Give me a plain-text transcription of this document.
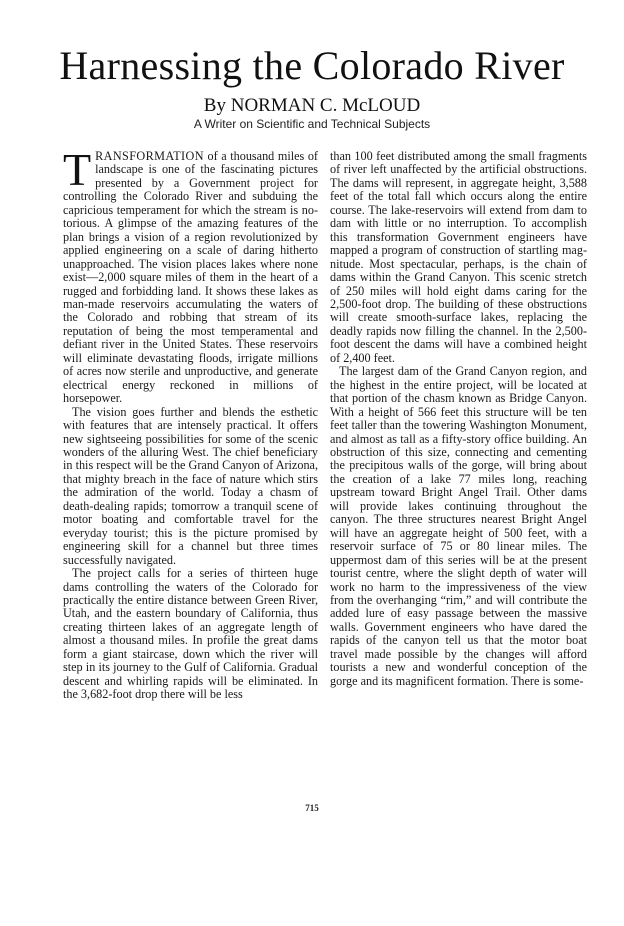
Harnessing the Colorado River
By NORMAN C. McLOUD
A Writer on Scientific and Technical Subjects

TRANSFORMATION of a thousand miles of landscape is one of the fascinating pictures presented by a Government project for controlling the Colorado River and subduing the capricious temperament for which the stream is notorious. A glimpse of the amazing features of the plan brings a vision of a region revolutionized by applied engineering on a scale of daring hitherto unapproached. The vision places lakes where none exist—2,000 square miles of them in the heart of a rugged and forbidding land. It shows these lakes as man-made reservoirs accumulating the waters of the Colorado and robbing that stream of its reputation of being the most temperamental and defiant river in the United States. These reservoirs will eliminate devastating floods, irrigate millions of acres now sterile and unproductive, and generate electrical energy reckoned in millions of horsepower.

The vision goes further and blends the esthetic with features that are intensely practical. It offers new sightseeing possibilities for some of the scenic wonders of the alluring West. The chief beneficiary in this respect will be the Grand Canyon of Arizona, that mighty breach in the face of nature which stirs the admiration of the world. Today a chasm of death-dealing rapids; tomorrow a tranquil scene of motor boating and comfortable travel for the everyday tourist; this is the picture promised by engineering skill for a channel but three times successfully navigated.

The project calls for a series of thirteen huge dams controlling the waters of the Colorado for practically the entire distance between Green River, Utah, and the eastern boundary of California, thus creating thirteen lakes of an aggregate length of almost a thousand miles. In profile the great dams form a giant staircase, down which the river will step in its journey to the Gulf of California. Gradual descent and whirling rapids will be eliminated. In the 3,682-foot drop there will be less

than 100 feet distributed among the small fragments of river left unaffected by the artificial obstructions. The dams will represent, in aggregate height, 3,588 feet of the total fall which occurs along the entire course. The lake-reservoirs will extend from dam to dam with little or no interruption. To accomplish this transformation Government engineers have mapped a program of construction of startling magnitude. Most spectacular, perhaps, is the chain of dams within the Grand Canyon. This scenic stretch of 250 miles will hold eight dams caring for the 2,500-foot drop. The building of these obstructions will create smooth-surface lakes, replacing the deadly rapids now filling the channel. In the 2,500-foot descent the dams will have a combined height of 2,400 feet.

The largest dam of the Grand Canyon region, and the highest in the entire project, will be located at that portion of the chasm known as Bridge Canyon. With a height of 566 feet this structure will be ten feet taller than the towering Washington Monument, and almost as tall as a fifty-story office building. An obstruction of this size, connecting and cementing the precipitous walls of the gorge, will bring about the creation of a lake 77 miles long, reaching upstream toward Bright Angel Trail. Other dams will provide lakes continuing throughout the canyon. The three structures nearest Bright Angel will have an aggregate height of 500 feet, with a reservoir surface of 75 or 80 linear miles. The uppermost dam of this series will be at the present tourist centre, where the slight depth of water will work no harm to the impressiveness of the view from the overhanging “rim,” and will contribute the added lure of easy passage between the massive walls. Government engineers who have dared the rapids of the canyon tell us that the motor boat travel made possible by the changes will afford tourists a new and wonderful conception of the gorge and its magnificent formation. There is some-

715
